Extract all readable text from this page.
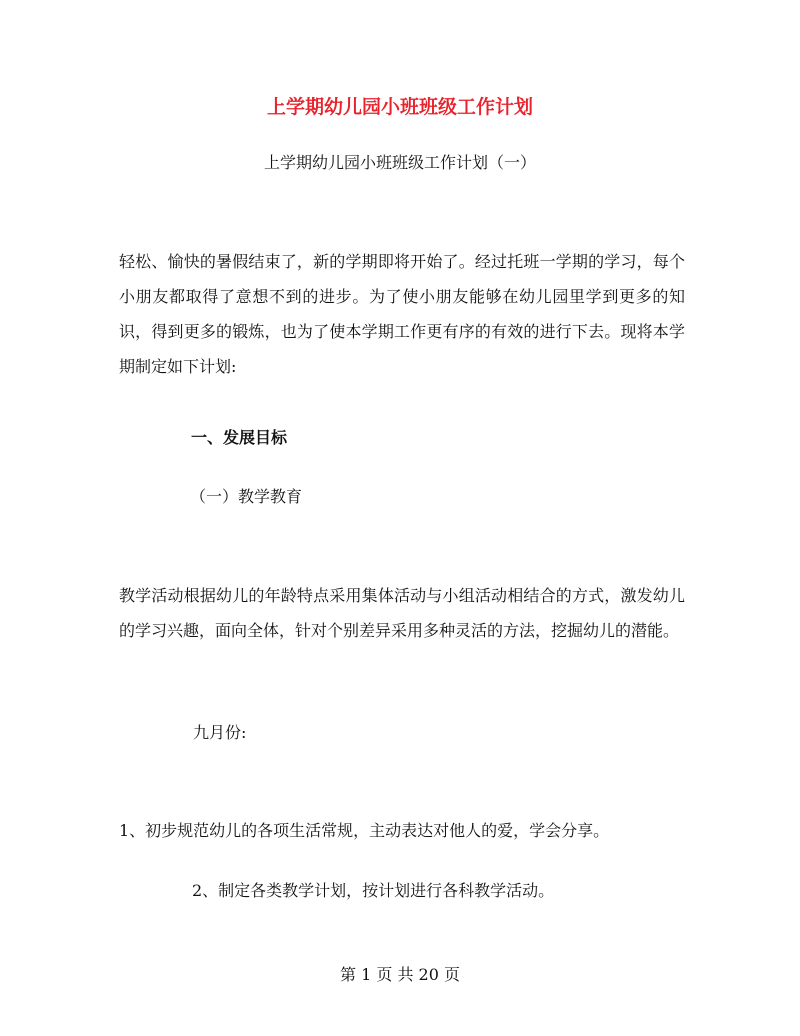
上学期幼儿园小班班级工作计划
上学期幼儿园小班班级工作计划（一）
轻松、愉快的暑假结束了，新的学期即将开始了。经过托班一学期的学习，每个小朋友都取得了意想不到的进步。为了使小朋友能够在幼儿园里学到更多的知识，得到更多的锻炼，也为了使本学期工作更有序的有效的进行下去。现将本学期制定如下计划:
一、发展目标
（一）教学教育
教学活动根据幼儿的年龄特点采用集体活动与小组活动相结合的方式，激发幼儿的学习兴趣，面向全体，针对个别差异采用多种灵活的方法，挖掘幼儿的潜能。
九月份:
1、初步规范幼儿的各项生活常规，主动表达对他人的爱，学会分享。
2、制定各类教学计划，按计划进行各科教学活动。
第 1 页 共 20 页
